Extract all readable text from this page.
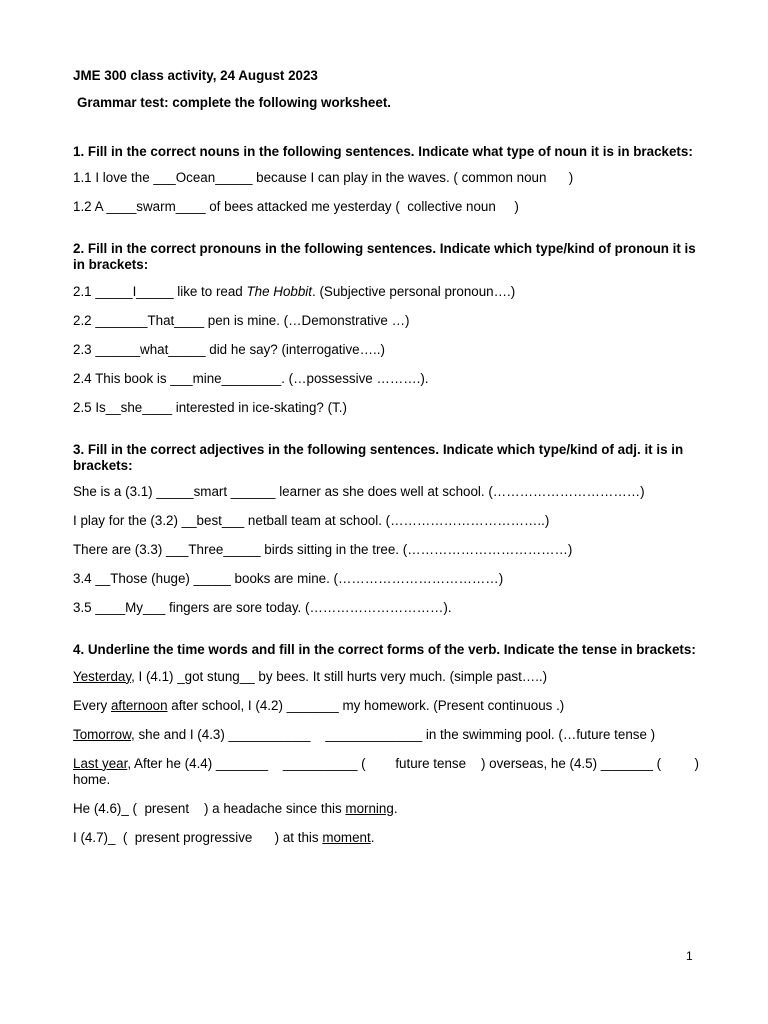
JME 300 class activity, 24 August 2023

Grammar test: complete the following worksheet.

1. Fill in the correct nouns in the following sentences. Indicate what type of noun it is in brackets:

1.1 I love the ___Ocean_____ because I can play in the waves. ( common noun      )

1.2 A ____swarm____ of bees attacked me yesterday (  collective noun     )

2. Fill in the correct pronouns in the following sentences. Indicate which type/kind of pronoun it is in brackets:

2.1 _____I_____ like to read The Hobbit. (Subjective personal pronoun….)

2.2 _______That____ pen is mine. (…Demonstrative …)

2.3 ______what_____ did he say? (interrogative…..)

2.4 This book is ___mine________. (…possessive ……….).

2.5 Is__she____ interested in ice-skating? (T.)

3. Fill in the correct adjectives in the following sentences. Indicate which type/kind of adj. it is in brackets:

She is a (3.1) _____smart ______ learner as she does well at school. (……………………………)

I play for the (3.2) __best___ netball team at school. (……………………………..)

There are (3.3) ___Three_____ birds sitting in the tree. (………………………………)

3.4 __Those (huge) _____ books are mine. (………………………………)

3.5 ____My___ fingers are sore today. (…………………………).

4. Underline the time words and fill in the correct forms of the verb. Indicate the tense in brackets:

Yesterday, I (4.1) _got stung__ by bees. It still hurts very much. (simple past…..)

Every afternoon after school, I (4.2) _______ my homework. (Present continuous .)

Tomorrow, she and I (4.3) ___________    _____________ in the swimming pool. (…future tense )

Last year, After he (4.4) _______    __________ (        future tense    ) overseas, he (4.5) _______ (         ) home.

He (4.6)_ (  present    ) a headache since this morning.

I (4.7)_  (  present progressive      ) at this moment.

1
